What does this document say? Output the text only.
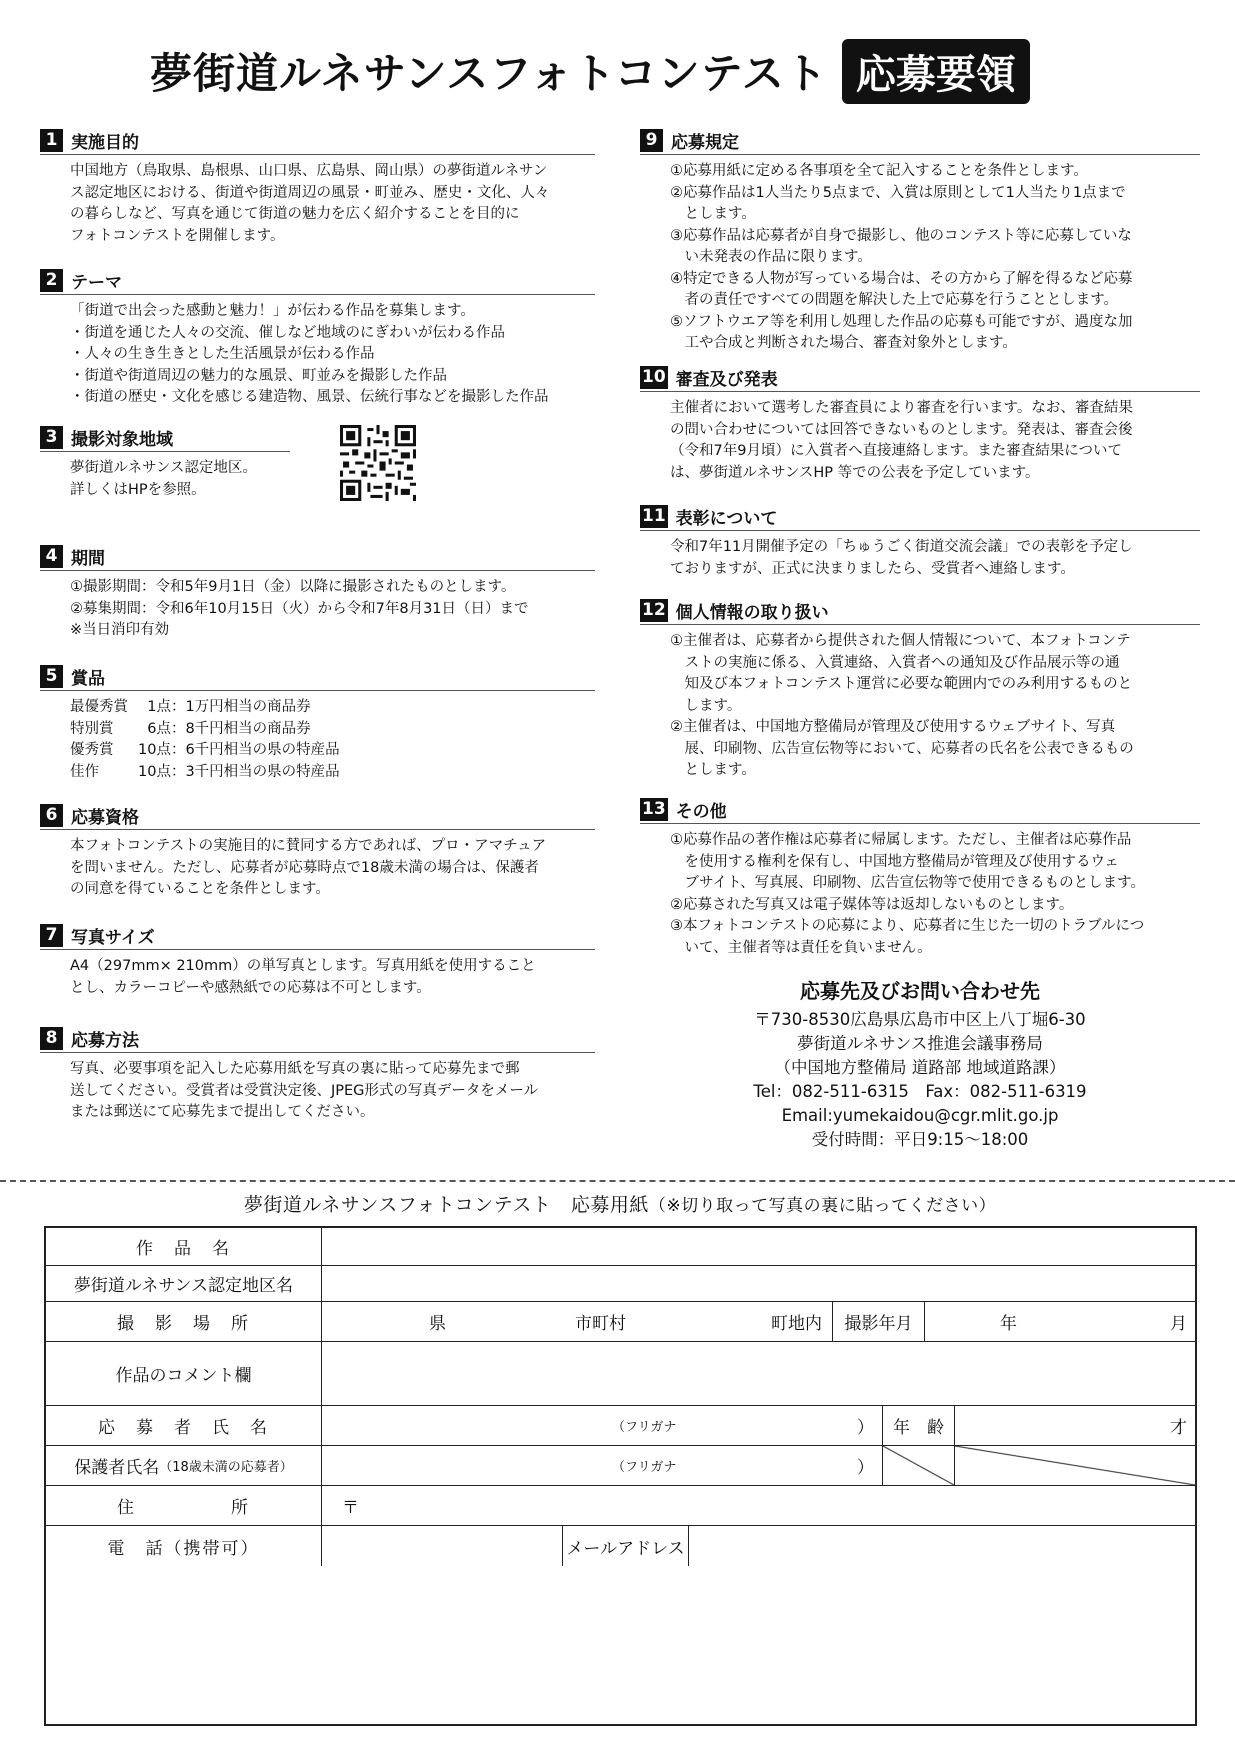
夢街道ルネサンスフォトコンテスト 応募要領
1 実施目的

中国地方（鳥取県、島根県、山口県、広島県、岡山県）の夢街道ルネサン

ス認定地区における、街道や街道周辺の風景・町並み、歴史・文化、人々

の暮らしなど、写真を通じて街道の魅力を広く紹介することを目的に

フォトコンテストを開催します。

2 テーマ

「街道で出会った感動と魅力！」が伝わる作品を募集します。

・街道を通じた人々の交流、催しなど地域のにぎわいが伝わる作品

・人々の生き生きとした生活風景が伝わる作品

・街道や街道周辺の魅力的な風景、町並みを撮影した作品

・街道の歴史・文化を感じる建造物、風景、伝統行事などを撮影した作品

3 撮影対象地域

夢街道ルネサンス認定地区。

詳しくはHPを参照。

4 期間

①撮影期間：令和5年9月1日（金）以降に撮影されたものとします。

②募集期間：令和6年10月15日（火）から令和7年8月31日（日）まで

※当日消印有効

5 賞品
最優秀賞	1点	：1万円相当の商品券
特別賞	6点	：8千円相当の商品券
優秀賞	10点	：6千円相当の県の特産品
佳作	10点	：3千円相当の県の特産品
6 応募資格

本フォトコンテストの実施目的に賛同する方であれば、プロ・アマチュア

を問いません。ただし、応募者が応募時点で18歳未満の場合は、保護者

の同意を得ていることを条件とします。

7 写真サイズ

A4（297mm× 210mm）の単写真とします。写真用紙を使用すること

とし、カラーコピーや感熱紙での応募は不可とします。

8 応募方法

写真、必要事項を記入した応募用紙を写真の裏に貼って応募先まで郵

送してください。受賞者は受賞決定後、JPEG形式の写真データをメール

または郵送にて応募先まで提出してください。

9 応募規定

①応募用紙に定める各事項を全て記入することを条件とします。

②応募作品は1人当たり5点まで、入賞は原則として1人当たり1点まで

　とします。

③応募作品は応募者が自身で撮影し、他のコンテスト等に応募していな

　い未発表の作品に限ります。

④特定できる人物が写っている場合は、その方から了解を得るなど応募

　者の責任ですべての問題を解決した上で応募を行うこととします。

⑤ソフトウエア等を利用し処理した作品の応募も可能ですが、過度な加

　工や合成と判断された場合、審査対象外とします。

10 審査及び発表

主催者において選考した審査員により審査を行います。なお、審査結果

の問い合わせについては回答できないものとします。発表は、審査会後

（令和7年9月頃）に入賞者へ直接連絡します。また審査結果について

は、夢街道ルネサンスHP 等での公表を予定しています。

11 表彰について

令和7年11月開催予定の「ちゅうごく街道交流会議」での表彰を予定し

ておりますが、正式に決まりましたら、受賞者へ連絡します。

12 個人情報の取り扱い

①主催者は、応募者から提供された個人情報について、本フォトコンテ

　ストの実施に係る、入賞連絡、入賞者への通知及び作品展示等の通

　知及び本フォトコンテスト運営に必要な範囲内でのみ利用するものと

　します。

②主催者は、中国地方整備局が管理及び使用するウェブサイト、写真

　展、印刷物、広告宣伝物等において、応募者の氏名を公表できるもの

　とします。

13 その他

①応募作品の著作権は応募者に帰属します。ただし、主催者は応募作品

　を使用する権利を保有し、中国地方整備局が管理及び使用するウェ

　ブサイト、写真展、印刷物、広告宣伝物等で使用できるものとします。

②応募された写真又は電子媒体等は返却しないものとします。

③本フォトコンテストの応募により、応募者に生じた一切のトラブルにつ

　いて、主催者等は責任を負いません。

応募先及びお問い合わせ先
〒730-8530広島県広島市中区上八丁堀6-30
夢街道ルネサンス推進会議事務局
（中国地方整備局 道路部 地域道路課）
Tel：082-511-6315　Fax：082-511-6319
Email:yumekaidou@cgr.mlit.go.jp
受付時間：平日9:15〜18:00
夢街道ルネサンスフォトコンテスト　応募用紙（※切り取って写真の裏に貼ってください）
作　品　名
夢街道ルネサンス認定地区名
撮　影　場　所	県	市町村	町地内	撮影年月	年	月
作品のコメント欄
応　募　者　氏　名	（フリガナ	）	年　齢	才
保護者氏名 （18歳未満の応募者）	（フリガナ	）
住　　　　　所	〒
電　話（携帯可）	メールアドレス
